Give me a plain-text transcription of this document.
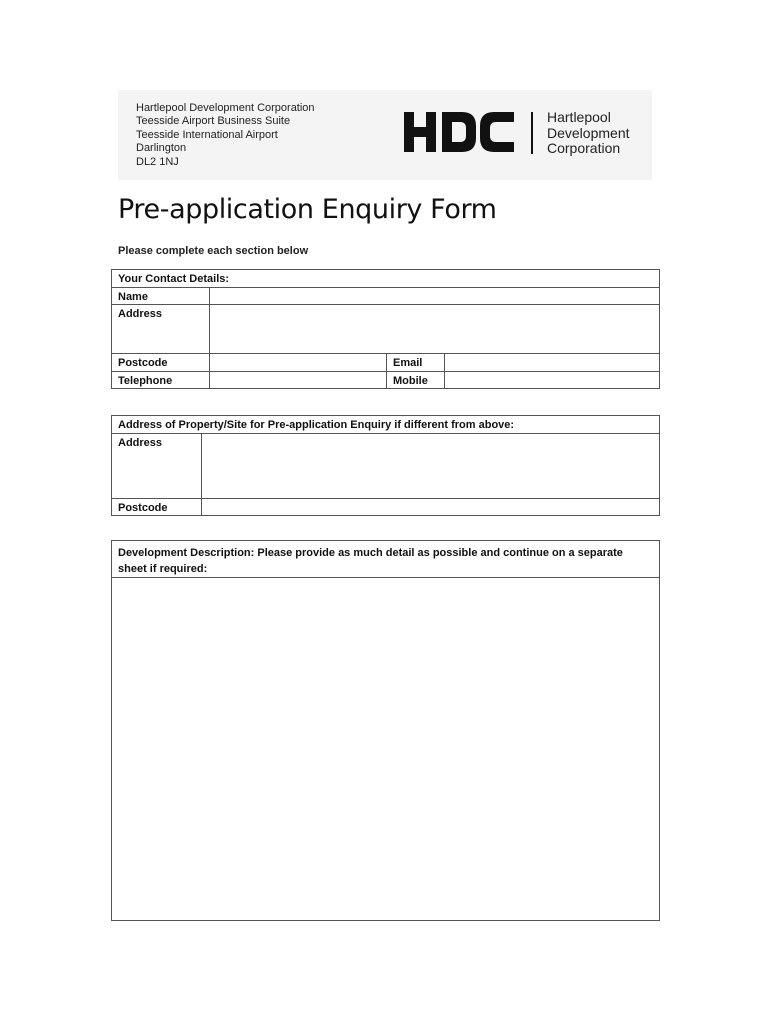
Hartlepool Development Corporation
Teesside Airport Business Suite
Teesside International Airport
Darlington
DL2 1NJ
Hartlepool
Development
Corporation
Pre-application Enquiry Form
Please complete each section below
Your Contact Details:			
Name			
Address			
Postcode		Email	
Telephone		Mobile	
Address of Property/Site for Pre-application Enquiry if different from above:	
Address	
Postcode	
Development Description: Please provide as much detail as possible and continue on a separate sheet if required:
